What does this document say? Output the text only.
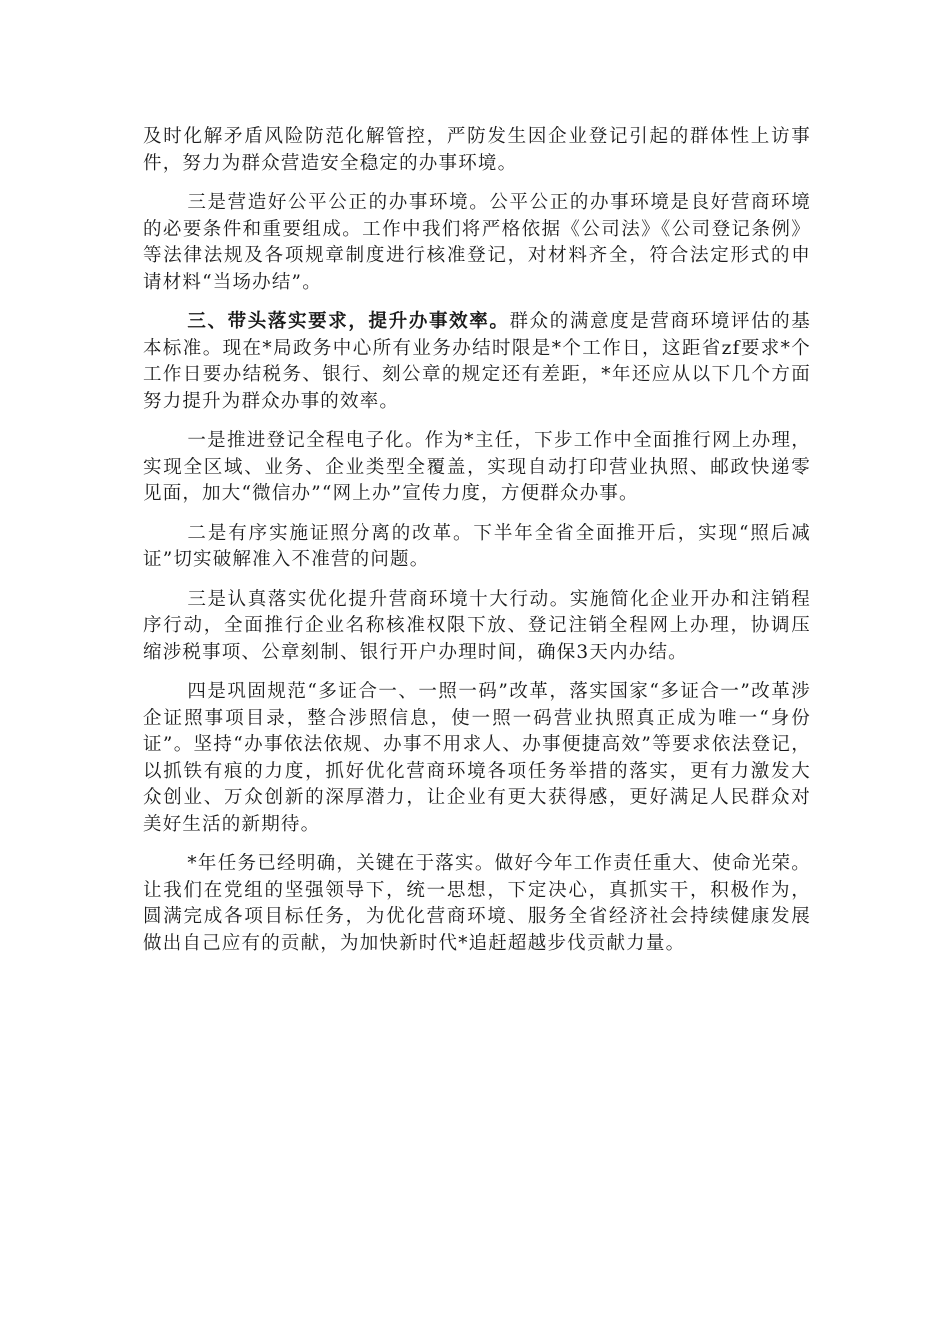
及时化解矛盾风险防范化解管控，严防发生因企业登记引起的群体性上访事件，努力为群众营造安全稳定的办事环境。

三是营造好公平公正的办事环境。公平公正的办事环境是良好营商环境的必要条件和重要组成。工作中我们将严格依据《公司法》《公司登记条例》等法律法规及各项规章制度进行核准登记，对材料齐全，符合法定形式的申请材料“当场办结”。

三、带头落实要求，提升办事效率。群众的满意度是营商环境评估的基本标准。现在*局政务中心所有业务办结时限是*个工作日，这距省zf要求*个工作日要办结税务、银行、刻公章的规定还有差距，*年还应从以下几个方面努力提升为群众办事的效率。

一是推进登记全程电子化。作为*主任，下步工作中全面推行网上办理，实现全区域、业务、企业类型全覆盖，实现自动打印营业执照、邮政快递零见面，加大“微信办”“网上办”宣传力度，方便群众办事。

二是有序实施证照分离的改革。下半年全省全面推开后，实现“照后减证”切实破解准入不准营的问题。

三是认真落实优化提升营商环境十大行动。实施简化企业开办和注销程序行动，全面推行企业名称核准权限下放、登记注销全程网上办理，协调压缩涉税事项、公章刻制、银行开户办理时间，确保3天内办结。

四是巩固规范“多证合一、一照一码”改革，落实国家“多证合一”改革涉企证照事项目录，整合涉照信息，使一照一码营业执照真正成为唯一“身份证”。坚持“办事依法依规、办事不用求人、办事便捷高效”等要求依法登记，以抓铁有痕的力度，抓好优化营商环境各项任务举措的落实，更有力激发大众创业、万众创新的深厚潜力，让企业有更大获得感，更好满足人民群众对美好生活的新期待。

*年任务已经明确，关键在于落实。做好今年工作责任重大、使命光荣。让我们在党组的坚强领导下，统一思想，下定决心，真抓实干，积极作为，圆满完成各项目标任务，为优化营商环境、服务全省经济社会持续健康发展做出自己应有的贡献，为加快新时代*追赶超越步伐贡献力量。
